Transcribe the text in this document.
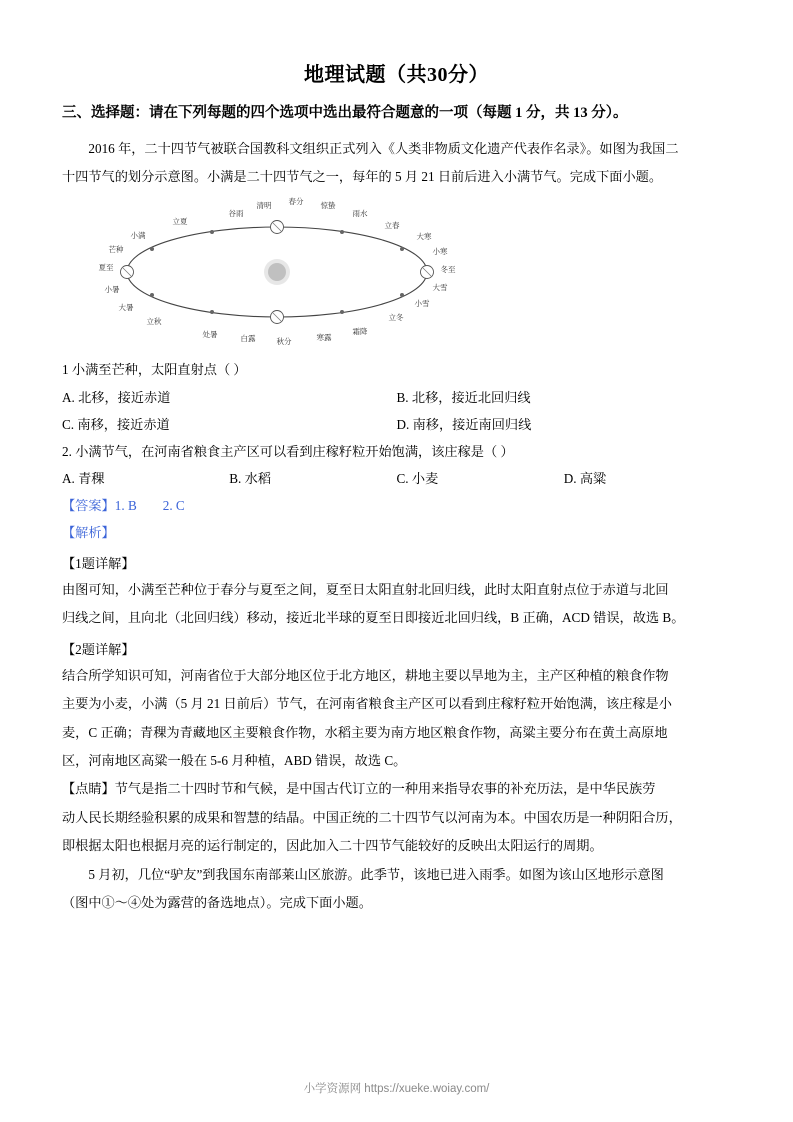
地理试题（共30分）
三、选择题：请在下列每题的四个选项中选出最符合题意的一项（每题 1 分，共 13 分）。

2016 年，二十四节气被联合国教科文组织正式列入《人类非物质文化遗产代表作名录》。如图为我国二

十四节气的划分示意图。小满是二十四节气之一，每年的 5 月 21 日前后进入小满节气。完成下面小题。

谷雨
清明 春分 惊蛰
雨水
立春
立夏
小满
芒种
夏至
小暑
大暑
立秋
大寒
小寒
冬至
大雪
小雪
立冬
处暑	白露	秋分	寒露
霜降

1 小满至芒种，太阳直射点（ ）

A. 北移，接近赤道	B. 北移，接近北回归线
C. 南移，接近赤道	D. 南移，接近南回归线

2. 小满节气，在河南省粮食主产区可以看到庄稼籽粒开始饱满，该庄稼是（ ）

A. 青稞	B. 水稻	C. 小麦	D. 高粱

【答案】1. B 2. C

【解析】

【1题详解】

由图可知，小满至芒种位于春分与夏至之间，夏至日太阳直射北回归线，此时太阳直射点位于赤道与北回

归线之间，且向北（北回归线）移动，接近北半球的夏至日即接近北回归线，B 正确，ACD 错误，故选 B。

【2题详解】

结合所学知识可知，河南省位于大部分地区位于北方地区，耕地主要以旱地为主，主产区种植的粮食作物

主要为小麦，小满（5 月 21 日前后）节气，在河南省粮食主产区可以看到庄稼籽粒开始饱满，该庄稼是小

麦，C 正确；青稞为青藏地区主要粮食作物，水稻主要为南方地区粮食作物，高粱主要分布在黄土高原地

区，河南地区高粱一般在 5-6 月种植，ABD 错误，故选 C。

【点睛】节气是指二十四时节和气候，是中国古代订立的一种用来指导农事的补充历法，是中华民族劳

动人民长期经验积累的成果和智慧的结晶。中国正统的二十四节气以河南为本。中国农历是一种阴阳合历，

即根据太阳也根据月亮的运行制定的，因此加入二十四节气能较好的反映出太阳运行的周期。

5 月初，几位“驴友”到我国东南部莱山区旅游。此季节，该地已进入雨季。如图为该山区地形示意图

（图中①～④处为露营的备选地点）。完成下面小题。

小学资源网 https://xueke.woiay.com/
